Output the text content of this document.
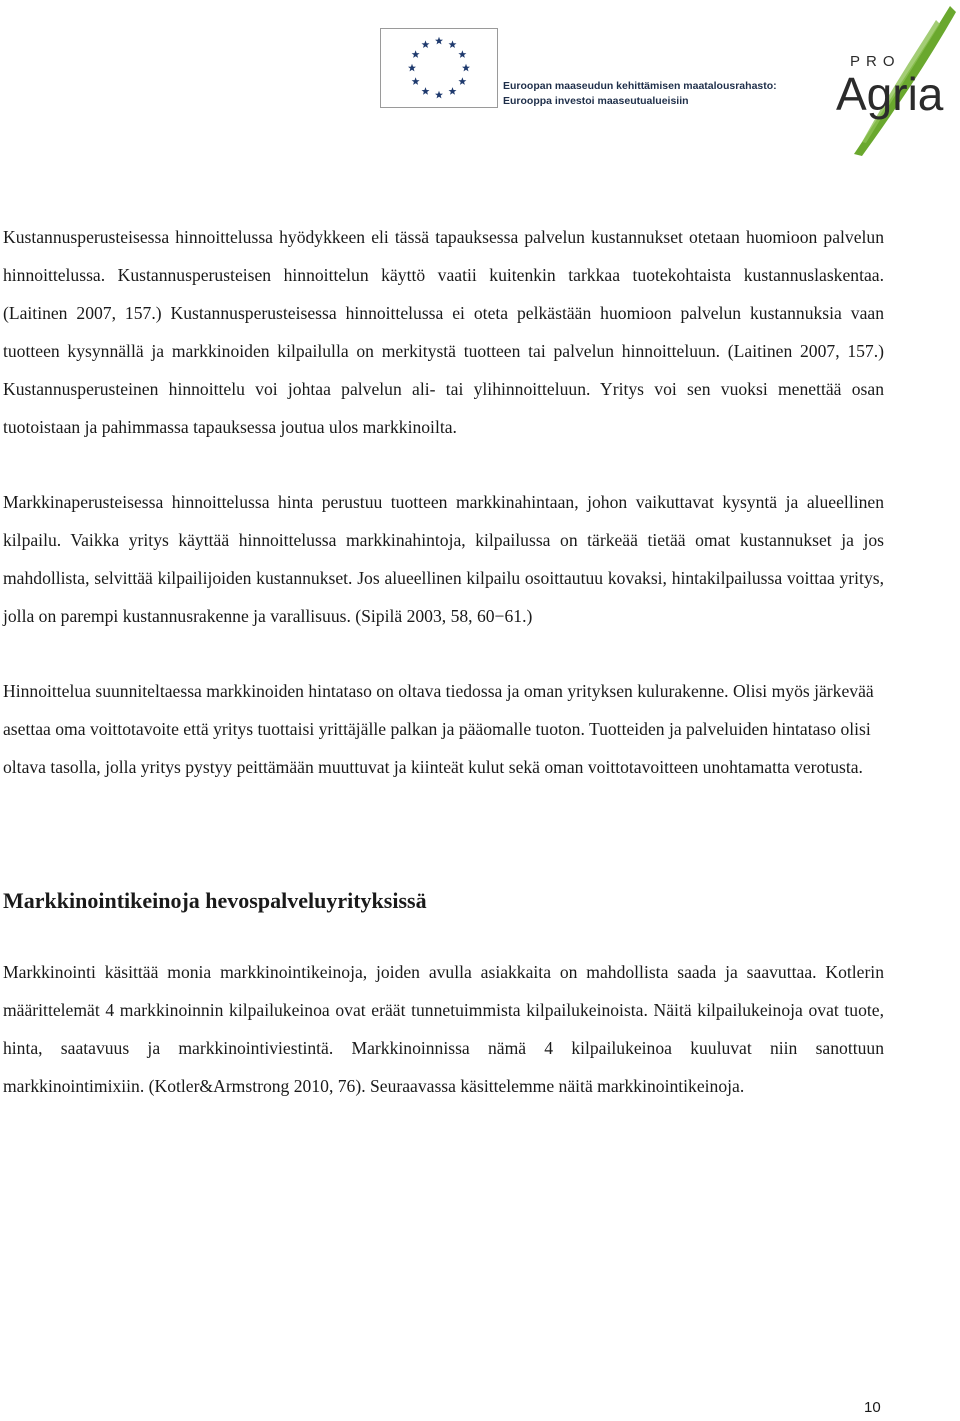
Euroopan maaseudun kehittämisen maatalousrahasto:
Eurooppa investoi maaseutualueisiin
PRO
Agria

Kustannusperusteisessa hinnoittelussa hyödykkeen eli tässä tapauksessa palvelun kustannukset otetaan huomioon palvelun hinnoittelussa. Kustannusperusteisen hinnoittelun käyttö vaatii kuitenkin tarkkaa tuotekohtaista kustannuslaskentaa. (Laitinen 2007, 157.) Kustannusperusteisessa hinnoittelussa ei oteta pelkästään huomioon palvelun kustannuksia vaan tuotteen kysynnällä ja markkinoiden kilpailulla on merkitystä tuotteen tai palvelun hinnoitteluun. (Laitinen 2007, 157.) Kustannusperusteinen hinnoittelu voi johtaa palvelun ali- tai ylihinnoitteluun. Yritys voi sen vuoksi menettää osan tuotoistaan ja pahimmassa tapauksessa joutua ulos markkinoilta.

Markkinaperusteisessa hinnoittelussa hinta perustuu tuotteen markkinahintaan, johon vaikuttavat kysyntä ja alueellinen kilpailu. Vaikka yritys käyttää hinnoittelussa markkinahintoja, kilpailussa on tärkeää tietää omat kustannukset ja jos mahdollista, selvittää kilpailijoiden kustannukset. Jos alueellinen kilpailu osoittautuu kovaksi, hintakilpailussa voittaa yritys, jolla on parempi kustannusrakenne ja varallisuus. (Sipilä 2003, 58, 60−61.)

Hinnoittelua suunniteltaessa markkinoiden hintataso on oltava tiedossa ja oman yrityksen kulurakenne. Olisi myös järkevää asettaa oma voittotavoite että yritys tuottaisi yrittäjälle palkan ja pääomalle tuoton. Tuotteiden ja palveluiden hintataso olisi oltava tasolla, jolla yritys pystyy peittämään muuttuvat ja kiinteät kulut sekä oman voittotavoitteen unohtamatta verotusta.

Markkinointikeinoja hevospalveluyrityksissä

Markkinointi käsittää monia markkinointikeinoja, joiden avulla asiakkaita on mahdollista saada ja saavuttaa. Kotlerin määrittelemät 4 markkinoinnin kilpailukeinoa ovat eräät tunnetuimmista kilpailukeinoista. Näitä kilpailukeinoja ovat tuote, hinta, saatavuus ja markkinointiviestintä. Markkinoinnissa nämä 4 kilpailukeinoa kuuluvat niin sanottuun markkinointimixiin. (Kotler&Armstrong 2010, 76). Seuraavassa käsittelemme näitä markkinointikeinoja.

10
